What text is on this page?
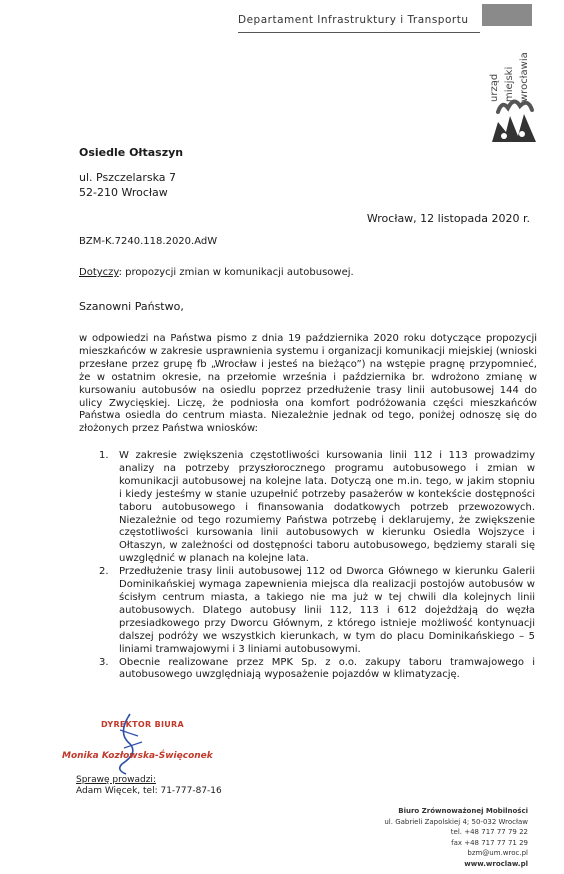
Departament Infrastruktury i Transportu
urząd miejski wrocławia
Osiedle Ołtaszyn
ul. Pszczelarska 7
52-210 Wrocław
Wrocław, 12 listopada 2020 r.
BZM-K.7240.118.2020.AdW
Dotyczy: propozycji zmian w komunikacji autobusowej.
Szanowni Państwo,
w odpowiedzi na Państwa pismo z dnia 19 października 2020 roku dotyczące propozycji mieszkańców w zakresie usprawnienia systemu i organizacji komunikacji miejskiej (wnioski przesłane przez grupę fb „Wrocław i jesteś na bieżąco”) na wstępie pragnę przypomnieć, że w ostatnim okresie, na przełomie września i października br. wdrożono zmianę w kursowaniu autobusów na osiedlu poprzez przedłużenie trasy linii autobusowej 144 do ulicy Zwycięskiej. Liczę, że podniosła ona komfort podróżowania części mieszkańców Państwa osiedla do centrum miasta. Niezależnie jednak od tego, poniżej odnoszę się do złożonych przez Państwa wniosków:
1. W zakresie zwiększenia częstotliwości kursowania linii 112 i 113 prowadzimy analizy na potrzeby przyszłorocznego programu autobusowego i zmian w komunikacji autobusowej na kolejne lata. Dotyczą one m.in. tego, w jakim stopniu i kiedy jesteśmy w stanie uzupełnić potrzeby pasażerów w kontekście dostępności taboru autobusowego i finansowania dodatkowych potrzeb przewozowych. Niezależnie od tego rozumiemy Państwa potrzebę i deklarujemy, że zwiększenie częstotliwości kursowania linii autobusowych w kierunku Osiedla Wojszyce i Ołtaszyn, w zależności od dostępności taboru autobusowego, będziemy starali się uwzględnić w planach na kolejne lata.
2. Przedłużenie trasy linii autobusowej 112 od Dworca Głównego w kierunku Galerii Dominikańskiej wymaga zapewnienia miejsca dla realizacji postojów autobusów w ścisłym centrum miasta, a takiego nie ma już w tej chwili dla kolejnych linii autobusowych. Dlatego autobusy linii 112, 113 i 612 dojeżdżają do węzła przesiadkowego przy Dworcu Głównym, z którego istnieje możliwość kontynuacji dalszej podróży we wszystkich kierunkach, w tym do placu Dominikańskiego – 5 liniami tramwajowymi i 3 liniami autobusowymi.
3. Obecnie realizowane przez MPK Sp. z o.o. zakupy taboru tramwajowego i autobusowego uwzględniają wyposażenie pojazdów w klimatyzację.
DYREKTOR BIURA
Monika Kozłowska-Święconek
Sprawę prowadzi:
Adam Więcek, tel: 71-777-87-16
Biuro Zrównoważonej Mobilności
ul. Gabrieli Zapolskiej 4; 50-032 Wrocław
tel. +48 717 77 79 22
fax +48 717 77 71 29
bzm@um.wroc.pl
www.wroclaw.pl
